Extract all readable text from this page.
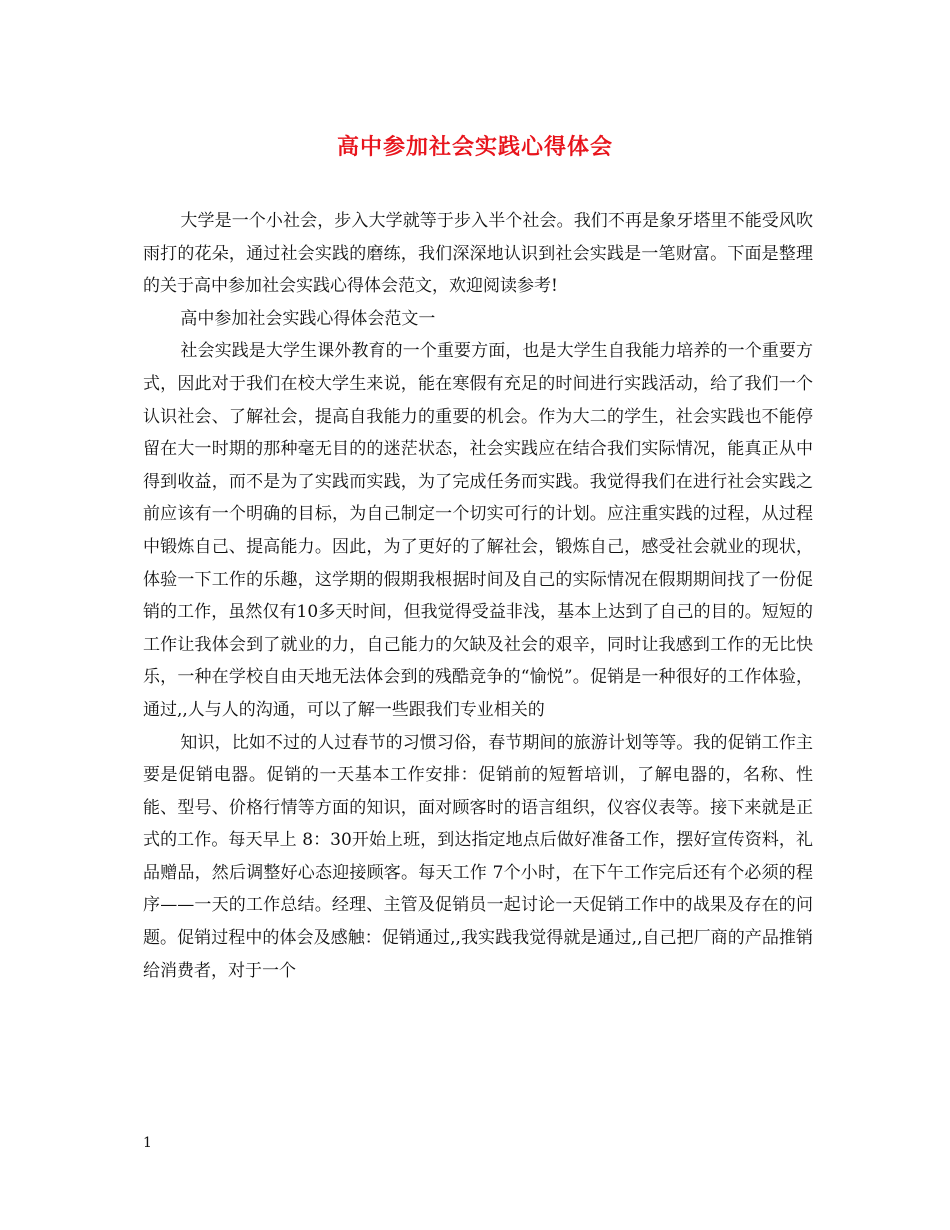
高中参加社会实践心得体会

大学是一个小社会，步入大学就等于步入半个社会。我们不再是象牙塔里不能受风吹雨打的花朵，通过社会实践的磨练，我们深深地认识到社会实践是一笔财富。下面是整理的关于高中参加社会实践心得体会范文，欢迎阅读参考!

高中参加社会实践心得体会范文一

社会实践是大学生课外教育的一个重要方面，也是大学生自我能力培养的一个重要方式，因此对于我们在校大学生来说，能在寒假有充足的时间进行实践活动，给了我们一个认识社会、了解社会，提高自我能力的重要的机会。作为大二的学生，社会实践也不能停留在大一时期的那种毫无目的的迷茫状态，社会实践应在结合我们实际情况，能真正从中得到收益，而不是为了实践而实践，为了完成任务而实践。我觉得我们在进行社会实践之前应该有一个明确的目标，为自己制定一个切实可行的计划。应注重实践的过程，从过程中锻炼自己、提高能力。因此，为了更好的了解社会，锻炼自己，感受社会就业的现状，体验一下工作的乐趣，这学期的假期我根据时间及自己的实际情况在假期期间找了一份促销的工作，虽然仅有10多天时间，但我觉得受益非浅，基本上达到了自己的目的。短短的工作让我体会到了就业的力，自己能力的欠缺及社会的艰辛，同时让我感到工作的无比快乐，一种在学校自由天地无法体会到的残酷竞争的“愉悦”。促销是一种很好的工作体验，通过,,人与人的沟通，可以了解一些跟我们专业相关的

知识，比如不过的人过春节的习惯习俗，春节期间的旅游计划等等。我的促销工作主要是促销电器。促销的一天基本工作安排：促销前的短暂培训，了解电器的，名称、性能、型号、价格行情等方面的知识，面对顾客时的语言组织，仪容仪表等。接下来就是正式的工作。每天早上 8：30开始上班，到达指定地点后做好准备工作，摆好宣传资料，礼品赠品，然后调整好心态迎接顾客。每天工作 7个小时，在下午工作完后还有个必须的程序——一天的工作总结。经理、主管及促销员一起讨论一天促销工作中的战果及存在的问题。促销过程中的体会及感触：促销通过,,我实践我觉得就是通过,,自己把厂商的产品推销给消费者，对于一个

1
